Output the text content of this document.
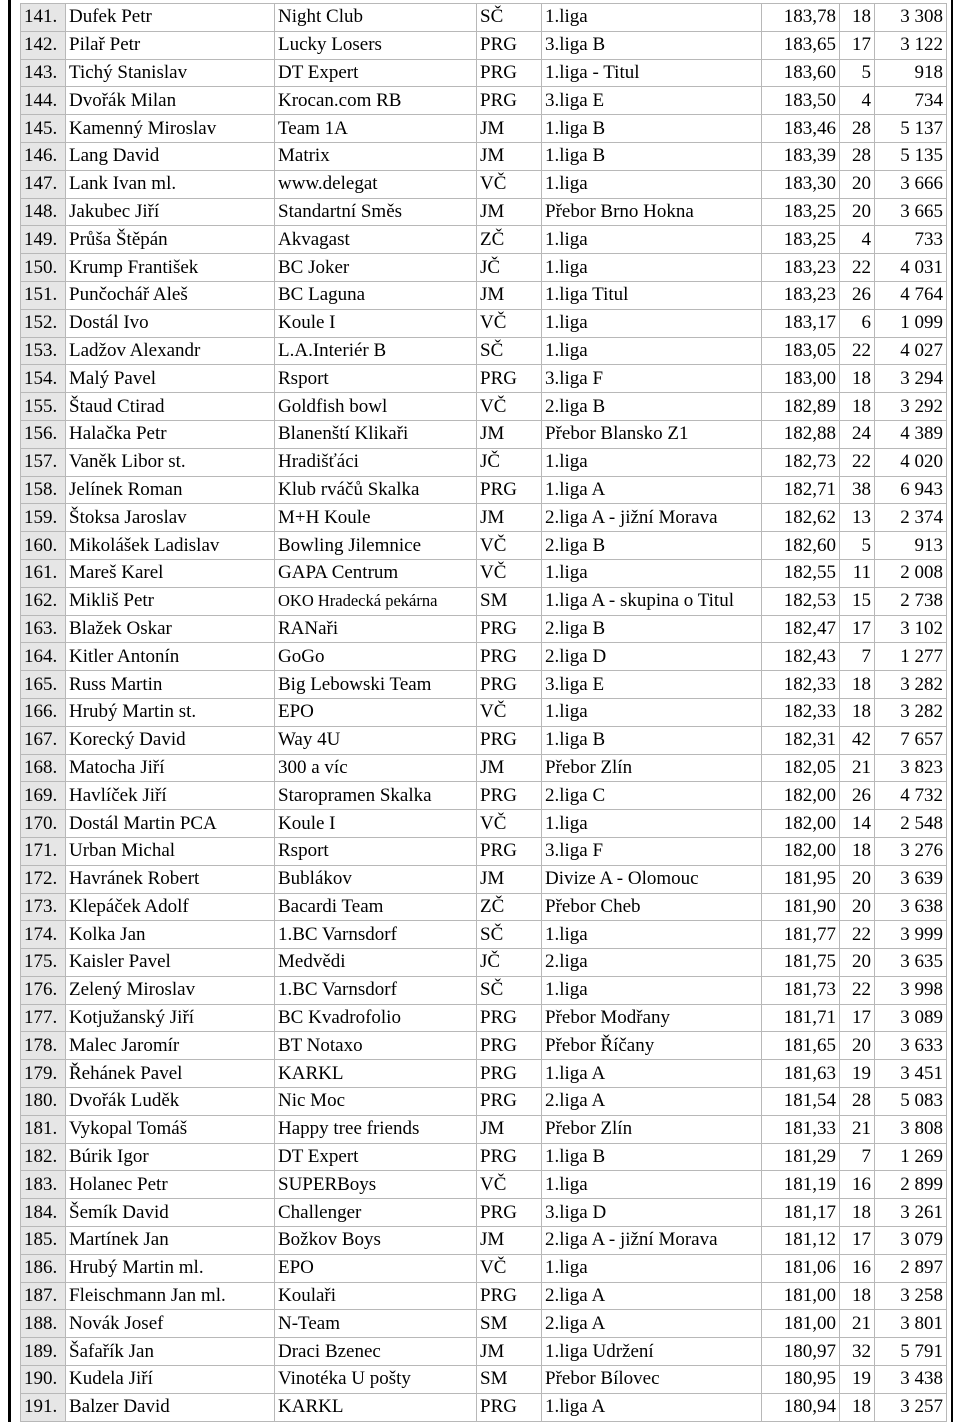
141.	Dufek Petr	Night Club	SČ	1.liga	183,78	18	3 308
142.	Pilař Petr	Lucky Losers	PRG	3.liga B	183,65	17	3 122
143.	Tichý Stanislav	DT Expert	PRG	1.liga - Titul	183,60	5	918
144.	Dvořák Milan	Krocan.com RB	PRG	3.liga E	183,50	4	734
145.	Kamenný Miroslav	Team 1A	JM	1.liga B	183,46	28	5 137
146.	Lang David	Matrix	JM	1.liga B	183,39	28	5 135
147.	Lank Ivan ml.	www.delegat	VČ	1.liga	183,30	20	3 666
148.	Jakubec Jiří	Standartní Směs	JM	Přebor Brno Hokna	183,25	20	3 665
149.	Průša Štěpán	Akvagast	ZČ	1.liga	183,25	4	733
150.	Krump František	BC Joker	JČ	1.liga	183,23	22	4 031
151.	Punčochář Aleš	BC Laguna	JM	1.liga Titul	183,23	26	4 764
152.	Dostál Ivo	Koule I	VČ	1.liga	183,17	6	1 099
153.	Ladžov Alexandr	L.A.Interiér B	SČ	1.liga	183,05	22	4 027
154.	Malý Pavel	Rsport	PRG	3.liga F	183,00	18	3 294
155.	Štaud Ctirad	Goldfish bowl	VČ	2.liga B	182,89	18	3 292
156.	Halačka Petr	Blanenští Klikaři	JM	Přebor Blansko Z1	182,88	24	4 389
157.	Vaněk Libor st.	Hradišťáci	JČ	1.liga	182,73	22	4 020
158.	Jelínek Roman	Klub rváčů Skalka	PRG	1.liga A	182,71	38	6 943
159.	Štoksa Jaroslav	M+H Koule	JM	2.liga A - jižní Morava	182,62	13	2 374
160.	Mikolášek Ladislav	Bowling Jilemnice	VČ	2.liga B	182,60	5	913
161.	Mareš Karel	GAPA Centrum	VČ	1.liga	182,55	11	2 008
162.	Mikliš Petr	OKO Hradecká pekárna	SM	1.liga A - skupina o Titul	182,53	15	2 738
163.	Blažek Oskar	RANaři	PRG	2.liga B	182,47	17	3 102
164.	Kitler Antonín	GoGo	PRG	2.liga D	182,43	7	1 277
165.	Russ Martin	Big Lebowski Team	PRG	3.liga E	182,33	18	3 282
166.	Hrubý Martin st.	EPO	VČ	1.liga	182,33	18	3 282
167.	Korecký David	Way 4U	PRG	1.liga B	182,31	42	7 657
168.	Matocha Jiří	300 a víc	JM	Přebor Zlín	182,05	21	3 823
169.	Havlíček Jiří	Staropramen Skalka	PRG	2.liga C	182,00	26	4 732
170.	Dostál Martin PCA	Koule I	VČ	1.liga	182,00	14	2 548
171.	Urban Michal	Rsport	PRG	3.liga F	182,00	18	3 276
172.	Havránek Robert	Bublákov	JM	Divize A - Olomouc	181,95	20	3 639
173.	Klepáček Adolf	Bacardi Team	ZČ	Přebor Cheb	181,90	20	3 638
174.	Kolka Jan	1.BC Varnsdorf	SČ	1.liga	181,77	22	3 999
175.	Kaisler Pavel	Medvědi	JČ	2.liga	181,75	20	3 635
176.	Zelený Miroslav	1.BC Varnsdorf	SČ	1.liga	181,73	22	3 998
177.	Kotjužanský Jiří	BC Kvadrofolio	PRG	Přebor Modřany	181,71	17	3 089
178.	Malec Jaromír	BT Notaxo	PRG	Přebor Říčany	181,65	20	3 633
179.	Řehánek Pavel	KARKL	PRG	1.liga A	181,63	19	3 451
180.	Dvořák Luděk	Nic Moc	PRG	2.liga A	181,54	28	5 083
181.	Vykopal Tomáš	Happy tree friends	JM	Přebor Zlín	181,33	21	3 808
182.	Búrik Igor	DT Expert	PRG	1.liga B	181,29	7	1 269
183.	Holanec Petr	SUPERBoys	VČ	1.liga	181,19	16	2 899
184.	Šemík David	Challenger	PRG	3.liga D	181,17	18	3 261
185.	Martínek Jan	Božkov Boys	JM	2.liga A - jižní Morava	181,12	17	3 079
186.	Hrubý Martin ml.	EPO	VČ	1.liga	181,06	16	2 897
187.	Fleischmann Jan ml.	Koulaři	PRG	2.liga A	181,00	18	3 258
188.	Novák Josef	N-Team	SM	2.liga A	181,00	21	3 801
189.	Šafařík Jan	Draci Bzenec	JM	1.liga Udržení	180,97	32	5 791
190.	Kudela Jiří	Vinotéka U pošty	SM	Přebor Bílovec	180,95	19	3 438
191.	Balzer David	KARKL	PRG	1.liga A	180,94	18	3 257
